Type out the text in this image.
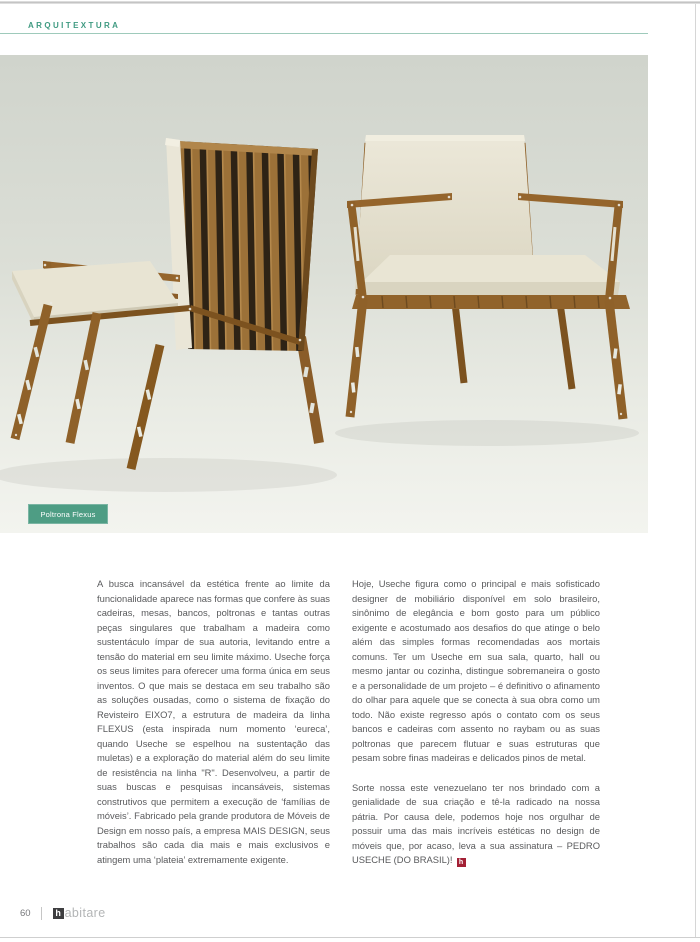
ARQUITEXTURA
Poltrona Flexus

A busca incansável da estética frente ao limite da funcionalidade aparece nas formas que confere às suas cadeiras, mesas, bancos, poltronas e tantas outras peças singulares que trabalham a madeira como sustentáculo ímpar de sua autoria, levitando entre a tensão do material em seu limite máximo. Useche força os seus limites para oferecer uma forma única em seus inventos. O que mais se destaca em seu trabalho são as soluções ousadas, como o sistema de fixação do Revisteiro EIXO7, a estrutura de madeira da linha FLEXUS (esta inspirada num momento ‘eureca’, quando Useche se espelhou na sustentação das muletas) e a exploração do material além do seu limite de resistência na linha "R". Desenvolveu, a partir de suas buscas e pesquisas incansáveis, sistemas construtivos que permitem a execução de ‘famílias de móveis’. Fabricado pela grande produtora de Móveis de Design em nosso país, a empresa MAIS DESIGN, seus trabalhos são cada dia mais e mais exclusivos e atingem uma ‘plateia’ extremamente exigente.

Hoje, Useche figura como o principal e mais sofisticado designer de mobiliário disponível em solo brasileiro, sinônimo de elegância e bom gosto para um público exigente e acostumado aos desafios do que atinge o belo além das simples formas recomendadas aos mortais comuns. Ter um Useche em sua sala, quarto, hall ou mesmo jantar ou cozinha, distingue sobremaneira o gosto e a personalidade de um projeto – é definitivo o afinamento do olhar para aquele que se conecta à sua obra como um todo. Não existe regresso após o contato com os seus bancos e cadeiras com assento no raybam ou as suas poltronas que parecem flutuar e suas estruturas que pesam sobre finas madeiras e delicados pinos de metal.

Sorte nossa este venezuelano ter nos brindado com a genialidade de sua criação e tê-la radicado na nossa pátria. Por causa dele, podemos hoje nos orgulhar de possuir uma das mais incríveis estéticas no design de móveis que, por acaso, leva a sua assinatura – PEDRO USECHE (DO BRASIL)! h

60	h abitare
